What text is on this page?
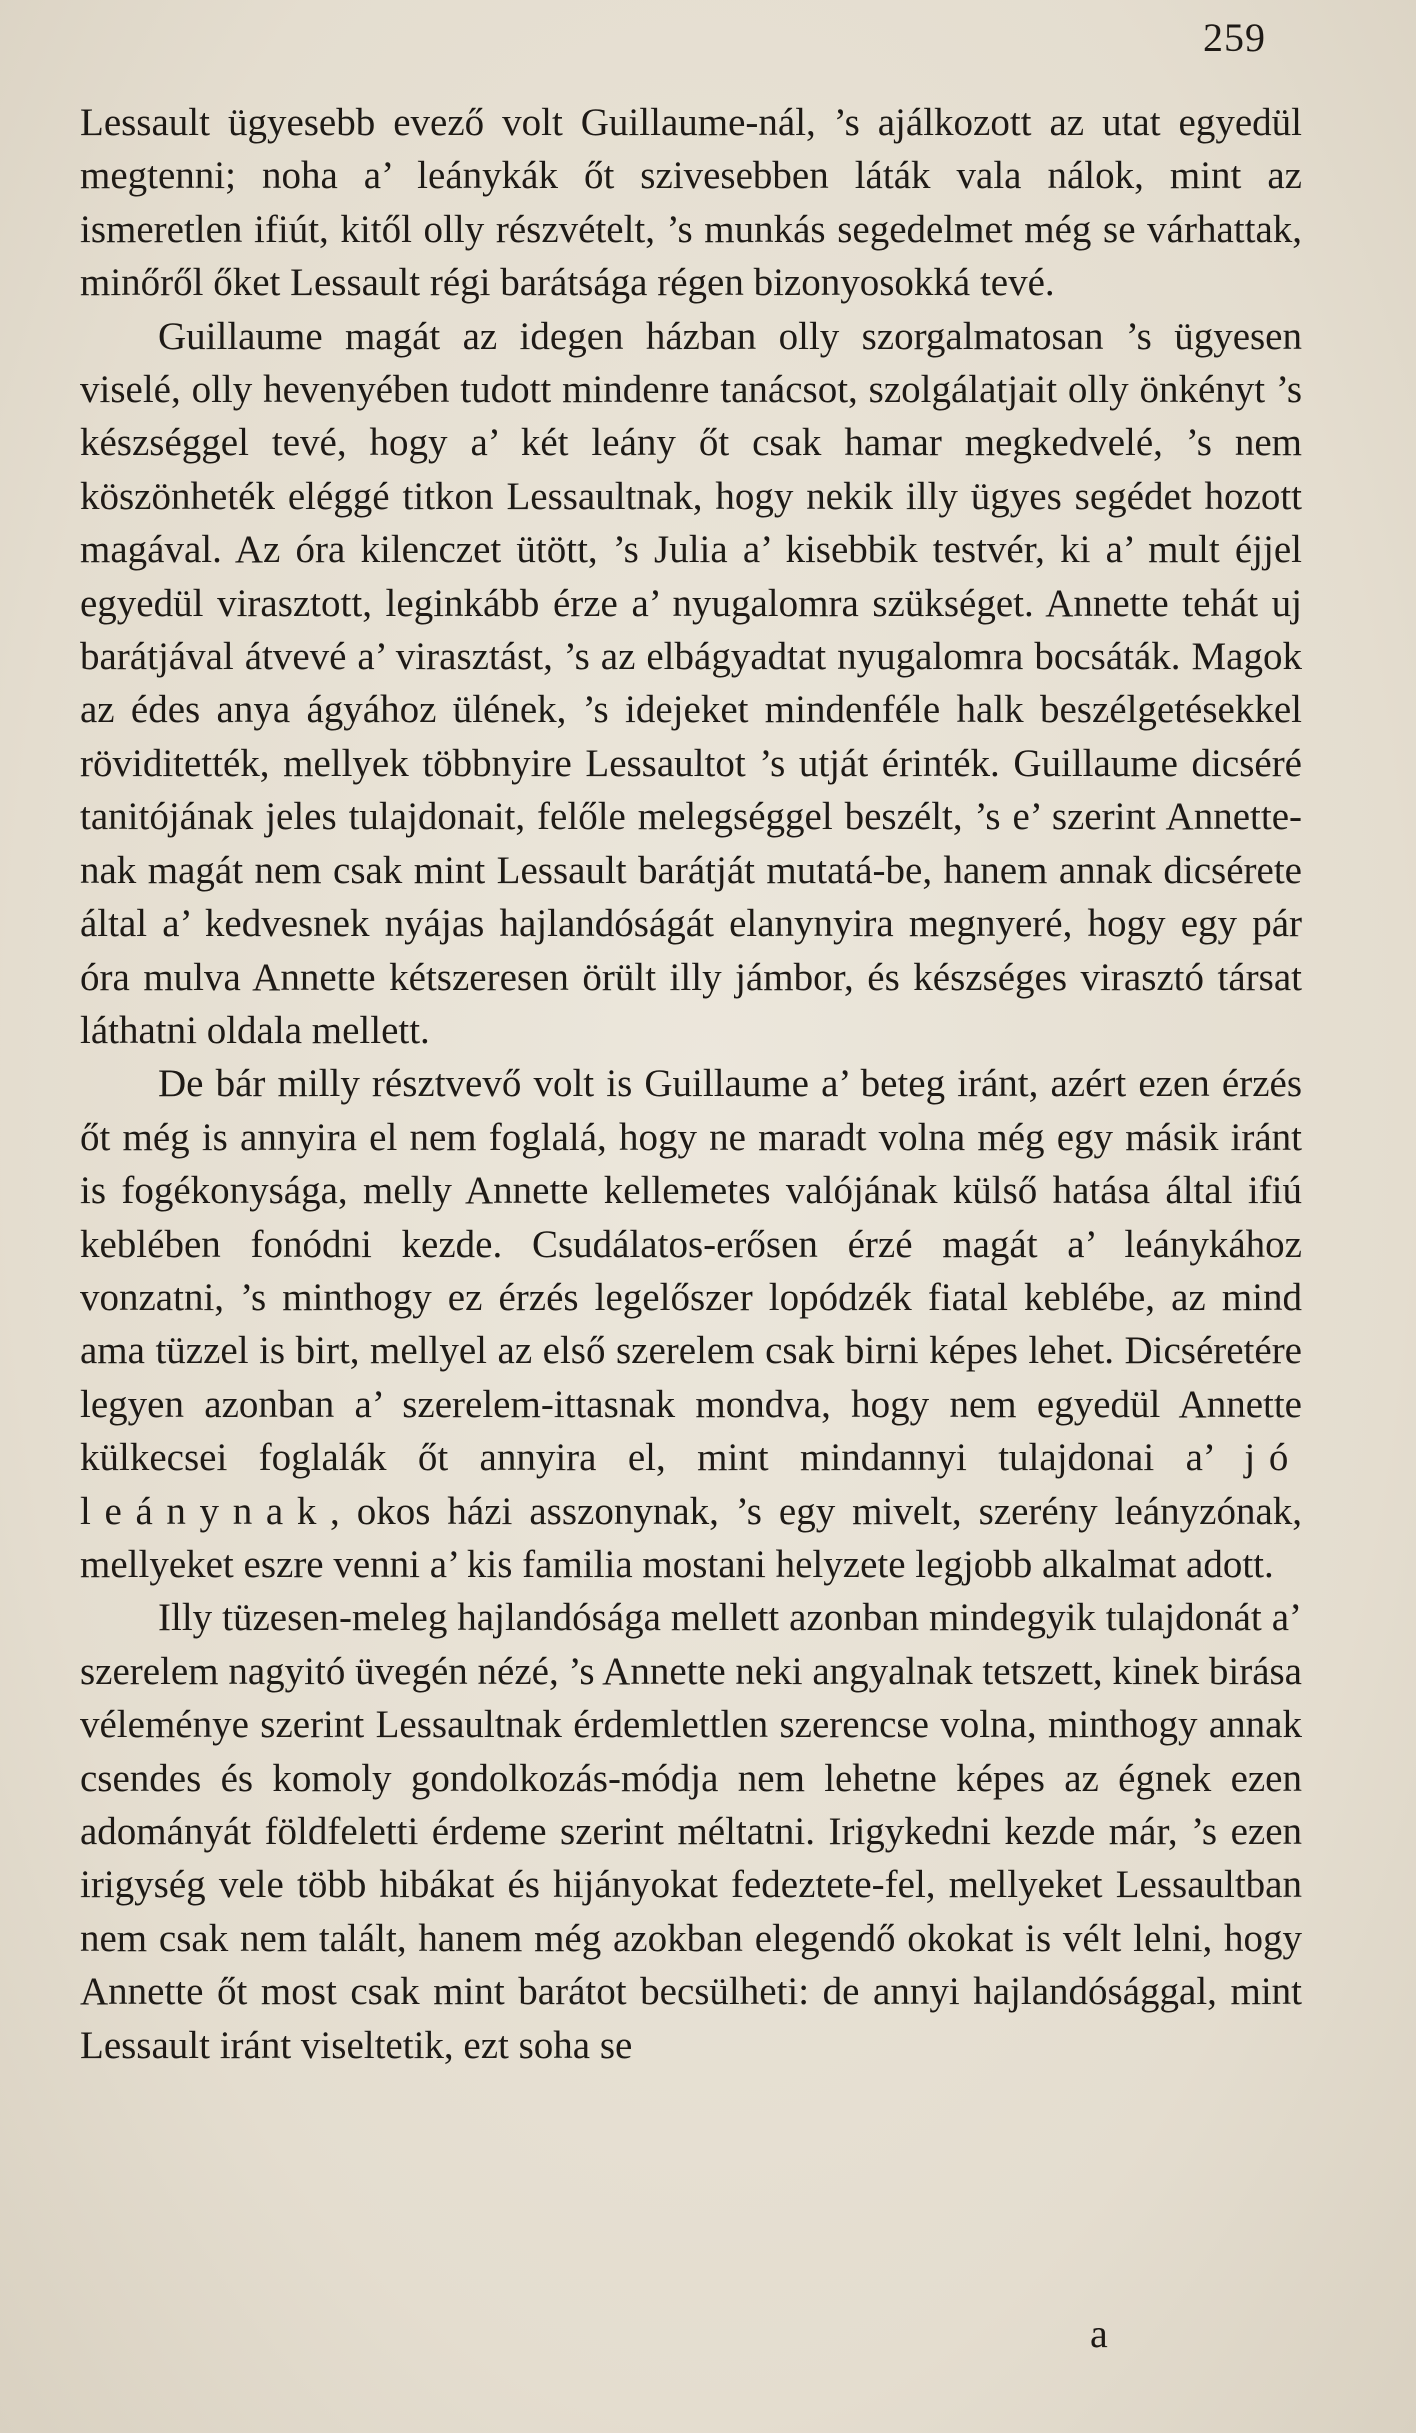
259

Lessault ügyesebb evező volt Guillaume-nál, ’s ajálkozott az utat egyedül megtenni; noha a’ leánykák őt szivesebben láták vala nálok, mint az ismeretlen ifiút, kitől olly részvételt, ’s munkás segedelmet még se várhattak, minőről őket Lessault régi barátsága régen bizonyosokká tevé.

Guillaume magát az idegen házban olly szorgalmatosan ’s ügyesen viselé, olly hevenyében tudott mindenre tanácsot, szolgálatjait olly önkényt ’s készséggel tevé, hogy a’ két leány őt csak hamar megkedvelé, ’s nem köszönheték eléggé titkon Lessaultnak, hogy nekik illy ügyes segédet hozott magával. Az óra kilenczet ütött, ’s Julia a’ kisebbik testvér, ki a’ mult éjjel egyedül virasztott, leginkább érze a’ nyugalomra szükséget. Annette tehát uj barátjával átvevé a’ virasztást, ’s az elbágyadtat nyugalomra bocsáták. Magok az édes anya ágyához ülének, ’s idejeket mindenféle halk beszélgetésekkel röviditették, mellyek többnyire Lessaultot ’s utját érinték. Guillaume dicséré tanitójának jeles tulajdonait, felőle melegséggel beszélt, ’s e’ szerint Annette-nak magát nem csak mint Lessault barátját mutatá-be, hanem annak dicsérete által a’ kedvesnek nyájas hajlandóságát elanynyira megnyeré, hogy egy pár óra mulva Annette kétszeresen örült illy jámbor, és készséges virasztó társat láthatni oldala mellett.

De bár milly résztvevő volt is Guillaume a’ beteg iránt, azért ezen érzés őt még is annyira el nem foglalá, hogy ne maradt volna még egy másik iránt is fogékonysága, melly Annette kellemetes valójának külső hatása által ifiú keblében fonódni kezde. Csudálatos-erősen érzé magát a’ leánykához vonzatni, ’s minthogy ez érzés legelőszer lopódzék fiatal keblébe, az mind ama tüzzel is birt, mellyel az első szerelem csak birni képes lehet. Dicséretére legyen azonban a’ szerelem-ittasnak mondva, hogy nem egyedül Annette külkecsei foglalák őt annyira el, mint mindannyi tulajdonai a’ jó leánynak, okos házi asszonynak, ’s egy mivelt, szerény leányzónak, mellyeket eszre venni a’ kis familia mostani helyzete legjobb alkalmat adott.

Illy tüzesen-meleg hajlandósága mellett azonban mindegyik tulajdonát a’ szerelem nagyitó üvegén nézé, ’s Annette neki angyalnak tetszett, kinek birása véleménye szerint Lessaultnak érdemlettlen szerencse volna, minthogy annak csendes és komoly gondolkozás-módja nem lehetne képes az égnek ezen adományát földfeletti érdeme szerint méltatni. Irigykedni kezde már, ’s ezen irigység vele több hibákat és hijányokat fedeztete-fel, mellyeket Lessaultban nem csak nem talált, hanem még azokban elegendő okokat is vélt lelni, hogy Annette őt most csak mint barátot becsülheti: de annyi hajlandósággal, mint Lessault iránt viseltetik, ezt soha se

a
